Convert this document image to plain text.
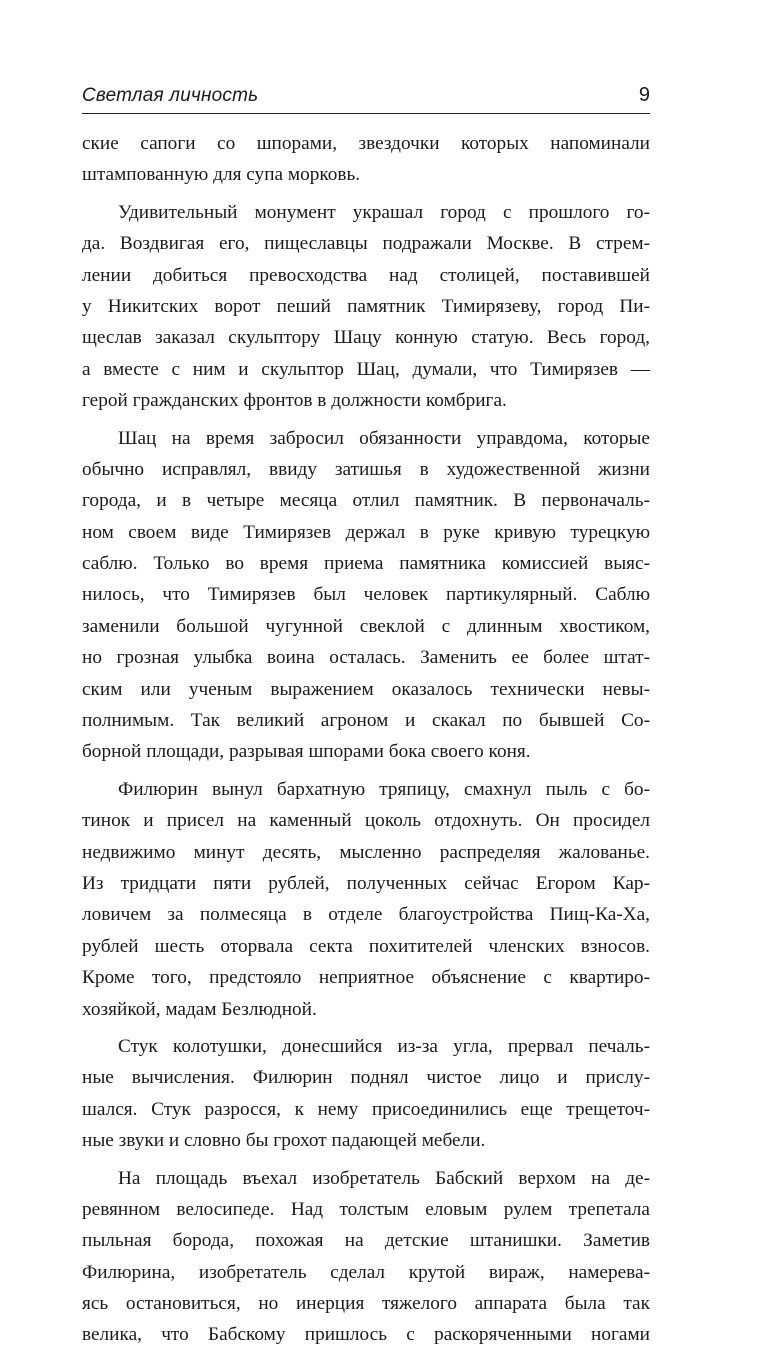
Светлая личность	9
ские сапоги со шпорами, звездочки которых напоминали
штампованную для супа морковь.
Удивительный монумент украшал город с прошлого го-
да. Воздвигая его, пищеславцы подражали Москве. В стрем-
лении добиться превосходства над столицей, поставившей
у Никитских ворот пеший памятник Тимирязеву, город Пи-
щеслав заказал скульптору Шацу конную статую. Весь город,
а вместе с ним и скульптор Шац, думали, что Тимирязев —
герой гражданских фронтов в должности комбрига.
Шац на время забросил обязанности управдома, которые
обычно исправлял, ввиду затишья в художественной жизни
города, и в четыре месяца отлил памятник. В первоначаль-
ном своем виде Тимирязев держал в руке кривую турецкую
саблю. Только во время приема памятника комиссией выяс-
нилось, что Тимирязев был человек партикулярный. Саблю
заменили большой чугунной свеклой с длинным хвостиком,
но грозная улыбка воина осталась. Заменить ее более штат-
ским или ученым выражением оказалось технически невы-
полнимым. Так великий агроном и скакал по бывшей Со-
борной площади, разрывая шпорами бока своего коня.
Филюрин вынул бархатную тряпицу, смахнул пыль с бо-
тинок и присел на каменный цоколь отдохнуть. Он просидел
недвижимо минут десять, мысленно распределяя жалованье.
Из тридцати пяти рублей, полученных сейчас Егором Кар-
ловичем за полмесяца в отделе благоустройства Пищ-Ка-Ха,
рублей шесть оторвала секта похитителей членских взносов.
Кроме того, предстояло неприятное объяснение с квартиро-
хозяйкой, мадам Безлюдной.
Стук колотушки, донесшийся из-за угла, прервал печаль-
ные вычисления. Филюрин поднял чистое лицо и прислу-
шался. Стук разросся, к нему присоединились еще трещеточ-
ные звуки и словно бы грохот падающей мебели.
На площадь въехал изобретатель Бабский верхом на де-
ревянном велосипеде. Над толстым еловым рулем трепетала
пыльная борода, похожая на детские штанишки. Заметив
Филюрина, изобретатель сделал крутой вираж, намерева-
ясь остановиться, но инерция тяжелого аппарата была так
велика, что Бабскому пришлось с раскоряченными ногами
